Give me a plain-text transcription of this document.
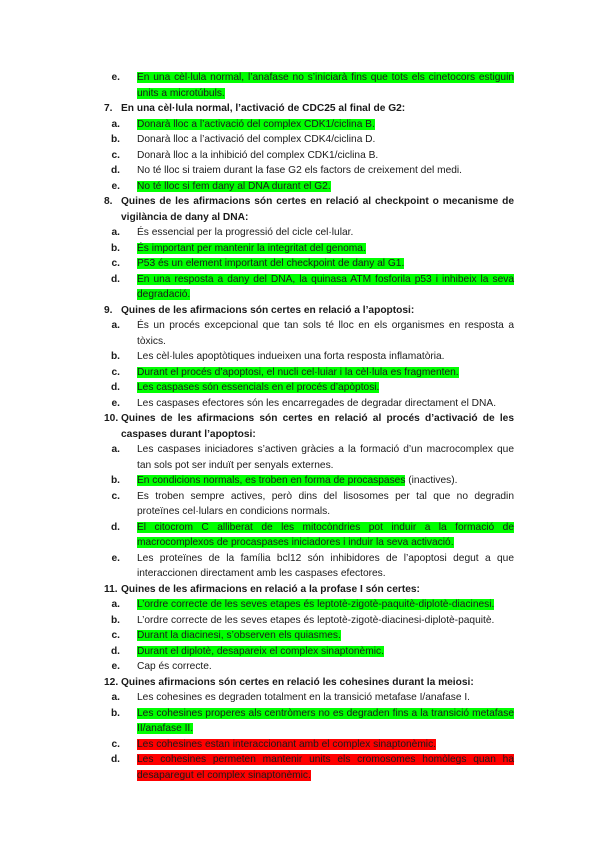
e.	En una cèl·lula normal, l’anafase no s’iniciarà fins que tots els cinetocors estiguin units a microtúbuls.
7. En una cèl·lula normal, l’activació de CDC25 al final de G2:
a.	Donarà lloc a l’activació del complex CDK1/ciclina B.
b.	Donarà lloc a l’activació del complex CDK4/ciclina D.
c.	Donarà lloc a la inhibició del complex CDK1/ciclina B.
d.	No té lloc si traiem durant la fase G2 els factors de creixement del medi.
e.	No té lloc si fem dany al DNA durant el G2.
8. Quines de les afirmacions són certes en relació al checkpoint o mecanisme de vigilància de dany al DNA:
a.	És essencial per la progressió del cicle cel·lular.
b.	És important per mantenir la integritat del genoma.
c.	P53 és un element important del checkpoint de dany al G1.
d.	En una resposta a dany del DNA, la quinasa ATM fosforila p53 i inhibeix la seva degradació.
9. Quines de les afirmacions són certes en relació a l’apoptosi:
a.	És un procés excepcional que tan sols té lloc en els organismes en resposta a tòxics.
b.	Les cèl·lules apoptòtiques indueixen una forta resposta inflamatòria.
c.	Durant el procés d’apoptosi, el nucli cel·luiar i la cèl·lula es fragmenten.
d.	Les caspases són essencials en el procés d’apòptosi.
e.	Les caspases efectores són les encarregades de degradar directament el DNA.
10. Quines de les afirmacions són certes en relació al procés d’activació de les caspases durant l’apoptosi:
a.	Les caspases iniciadores s’activen gràcies a la formació d’un macrocomplex que tan sols pot ser induït per senyals externes.
b.	En condicions normals, es troben en forma de procaspases (inactives).
c.	Es troben sempre actives, però dins del lisosomes per tal que no degradin proteïnes cel·lulars en condicions normals.
d.	El citocrom C alliberat de les mitocòndries pot induir a la formació de macrocomplexos de procaspases iniciadores i induir la seva activació.
e.	Les proteïnes de la família bcl12 són inhibidores de l’apoptosi degut a que interaccionen directament amb les caspases efectores.
11. Quines de les afirmacions en relació a la profase I són certes:
a.	L’ordre correcte de les seves etapes és leptotè-zigotè-paquitè-diplotè-diacinesi.
b.	L’ordre correcte de les seves etapes és leptotè-zigotè-diacinesi-diplotè-paquitè.
c.	Durant la diacinesi, s’observen els quiasmes.
d.	Durant el diplotè, desapareix el complex sinaptonèmic.
e.	Cap és correcte.
12. Quines afirmacions són certes en relació les cohesines durant la meiosi:
a.	Les cohesines es degraden totalment en la transició metafase I/anafase I.
b.	Les cohesines properes als centròmers no es degraden fins a la transició metafase II/anafase II.
c.	Les cohesines estan interaccionant amb el complex sinaptonèmic.
d.	Les cohesines permeten mantenir units els cromosomes homòlegs quan ha desaparegut el complex sinaptonèmic.
